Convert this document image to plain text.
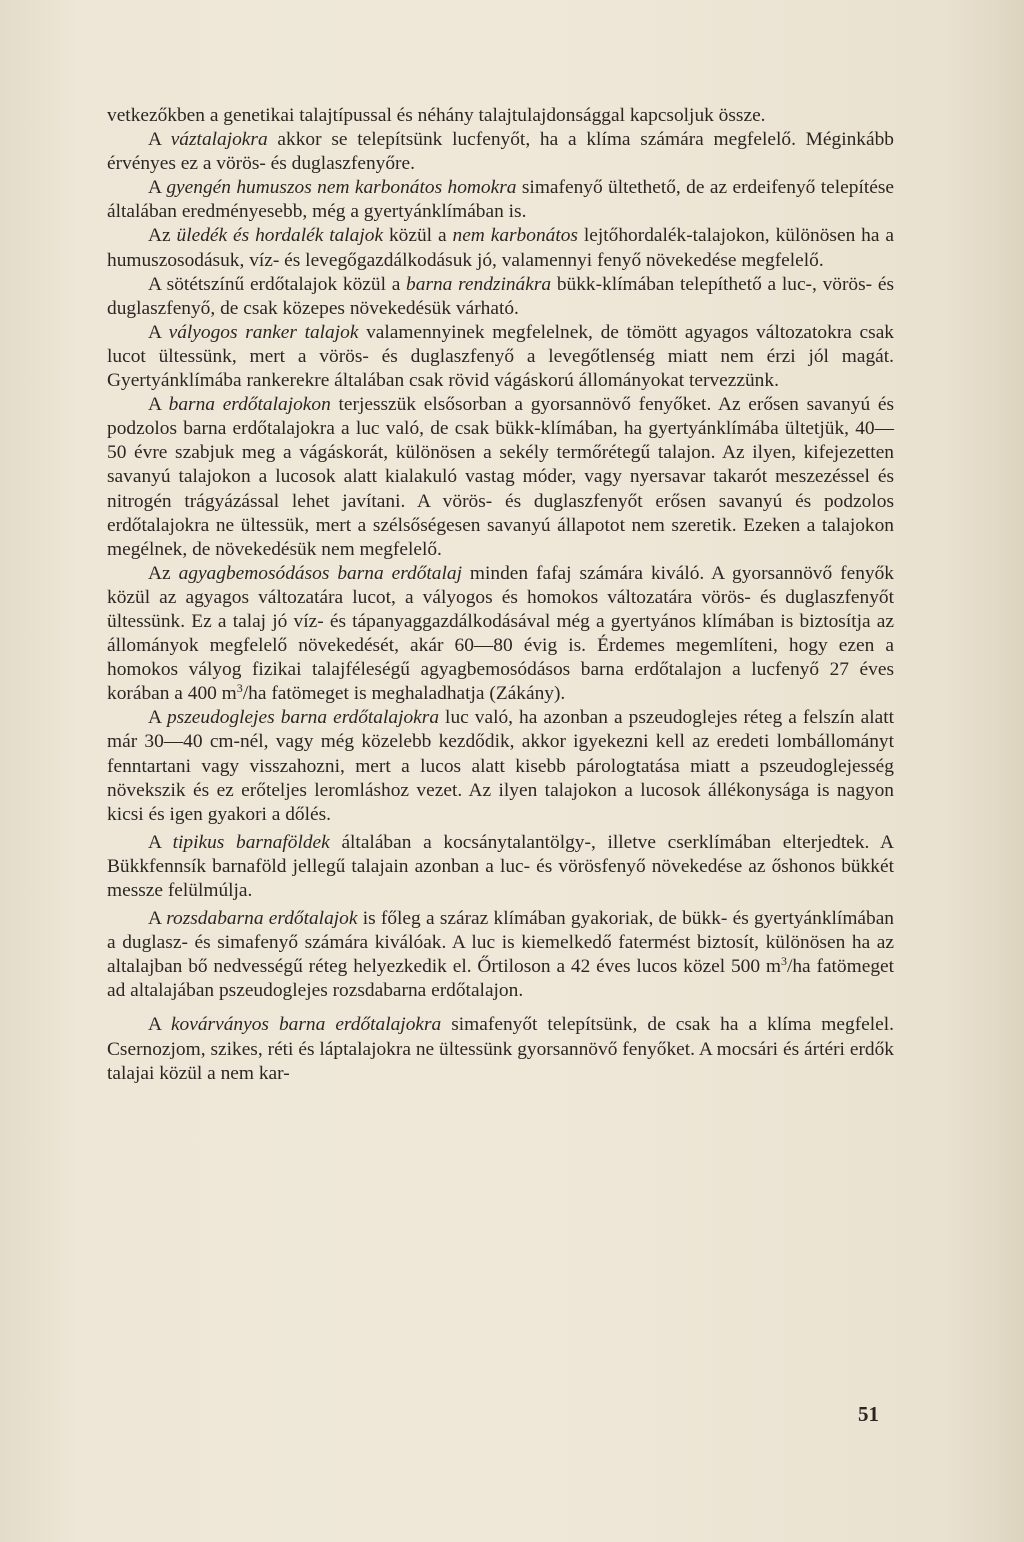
vetkezőkben a genetikai talajtípussal és néhány talajtulajdonsággal kapcsoljuk össze.

A váztalajokra akkor se telepítsünk lucfenyőt, ha a klíma számára megfelelő. Méginkább érvényes ez a vörös- és duglaszfenyőre.

A gyengén humuszos nem karbonátos homokra simafenyő ültethető, de az erdeifenyő telepítése általában eredményesebb, még a gyertyánklímában is.

Az üledék és hordalék talajok közül a nem karbonátos lejtőhordalék-talajokon, különösen ha a humuszosodásuk, víz- és levegőgazdálkodásuk jó, valamennyi fenyő növekedése megfelelő.

A sötétszínű erdőtalajok közül a barna rendzinákra bükk-klímában telepíthető a luc-, vörös- és duglaszfenyő, de csak közepes növekedésük várható.

A vályogos ranker talajok valamennyinek megfelelnek, de tömött agyagos változatokra csak lucot ültessünk, mert a vörös- és duglaszfenyő a levegőtlenség miatt nem érzi jól magát. Gyertyánklímába rankerekre általában csak rövid vágáskorú állományokat tervezzünk.

A barna erdőtalajokon terjesszük elsősorban a gyorsannövő fenyőket. Az erősen savanyú és podzolos barna erdőtalajokra a luc való, de csak bükk-klímában, ha gyertyánklímába ültetjük, 40—50 évre szabjuk meg a vágáskorát, különösen a sekély termőrétegű talajon. Az ilyen, kifejezetten savanyú talajokon a lucosok alatt kialakuló vastag móder, vagy nyersavar takarót meszezéssel és nitrogén trágyázással lehet javítani. A vörös- és duglaszfenyőt erősen savanyú és podzolos erdőtalajokra ne ültessük, mert a szélsőségesen savanyú állapotot nem szeretik. Ezeken a talajokon megélnek, de növekedésük nem megfelelő.

Az agyagbemosódásos barna erdőtalaj minden fafaj számára kiváló. A gyorsannövő fenyők közül az agyagos változatára lucot, a vályogos és homokos változatára vörös- és duglaszfenyőt ültessünk. Ez a talaj jó víz- és tápanyaggazdálkodásával még a gyertyános klímában is biztosítja az állományok megfelelő növekedését, akár 60—80 évig is. Érdemes megemlíteni, hogy ezen a homokos vályog fizikai talajféleségű agyagbemosódásos barna erdőtalajon a lucfenyő 27 éves korában a 400 $m^3/ha$ fatömeget is meghaladhatja (Zákány).

A pszeudoglejes barna erdőtalajokra luc való, ha azonban a pszeudoglejes réteg a felszín alatt már 30—40 cm-nél, vagy még közelebb kezdődik, akkor igyekezni kell az eredeti lombállományt fenntartani vagy visszahozni, mert a lucos alatt kisebb párologtatása miatt a pszeudoglejesség növekszik és ez erőteljes leromláshoz vezet. Az ilyen talajokon a lucosok állékonysága is nagyon kicsi és igen gyakori a dőlés.

A tipikus barnaföldek általában a kocsánytalantölgy-, illetve cserklímában elterjedtek. A Bükkfennsík barnaföld jellegű talajain azonban a luc- és vörösfenyő növekedése az őshonos bükkét messze felülmúlja.

A rozsdabarna erdőtalajok is főleg a száraz klímában gyakoriak, de bükk- és gyertyánklímában a duglasz- és simafenyő számára kiválóak. A luc is kiemelkedő fatermést biztosít, különösen ha az altalajban bő nedvességű réteg helyezkedik el. Őrtiloson a 42 éves lucos közel 500 $m^3/ha$ fatömeget ad altalajában pszeudoglejes rozsdabarna erdőtalajon.

A kovárványos barna erdőtalajokra simafenyőt telepítsünk, de csak ha a klíma megfelel. Csernozjom, szikes, réti és láptalajokra ne ültessünk gyorsannövő fenyőket. A mocsári és ártéri erdők talajai közül a nem kar-

51
